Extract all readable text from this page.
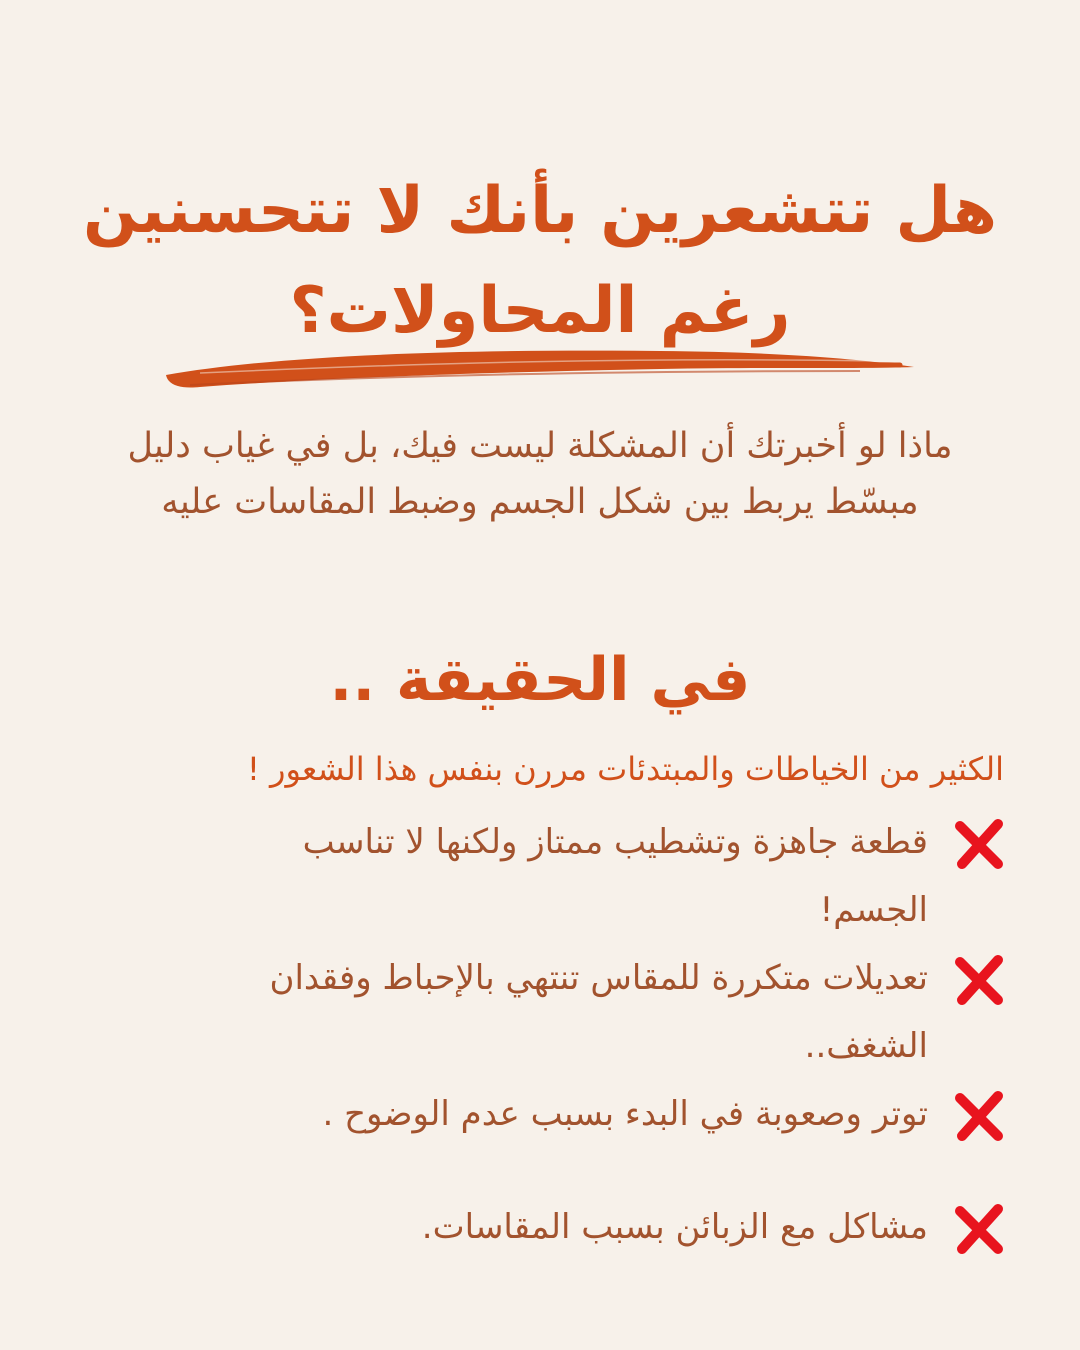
هل تتشعرين بأنك لا تتحسنين
رغم المحاولات؟
ماذا لو أخبرتك أن المشكلة ليست فيك، بل في غياب دليل
مبسّط يربط بين شكل الجسم وضبط المقاسات عليه
في الحقيقة ..

الكثير من الخياطات والمبتدئات مررن بنفس هذا الشعور !

قطعة جاهزة وتشطيب ممتاز ولكنها لا تناسب
الجسم!
تعديلات متكررة للمقاس تنتهي بالإحباط وفقدان
الشغف..
توتر وصعوبة في البدء بسبب عدم الوضوح .
مشاكل مع الزبائن بسبب المقاسات.
